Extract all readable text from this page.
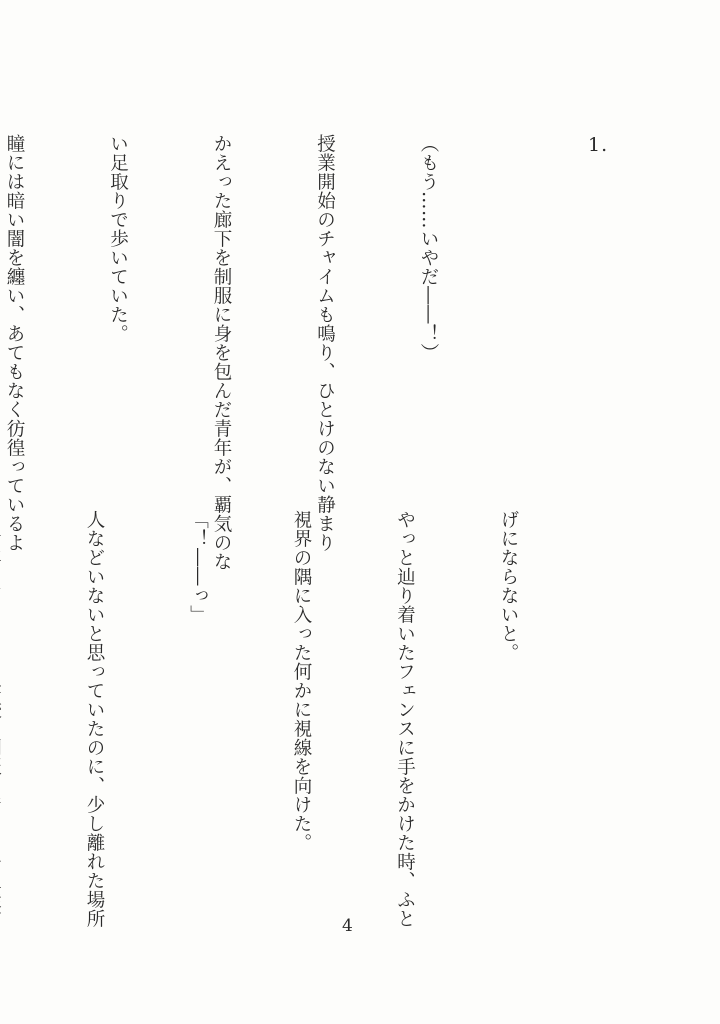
1.

（もう……いやだ――！）

授業開始のチャイムも鳴り、ひとけのない静まり

かえった廊下を制服に身を包んだ青年が、覇気のな

い足取りで歩いていた。

瞳には暗い闇を纏い、あてもなく彷徨っているよ

げにならないと。

やっと辿り着いたフェンスに手をかけた時、ふと

視界の隅に入った何かに視線を向けた。

「！――っ」

人などいないと思っていたのに、少し離れた場所

	4
